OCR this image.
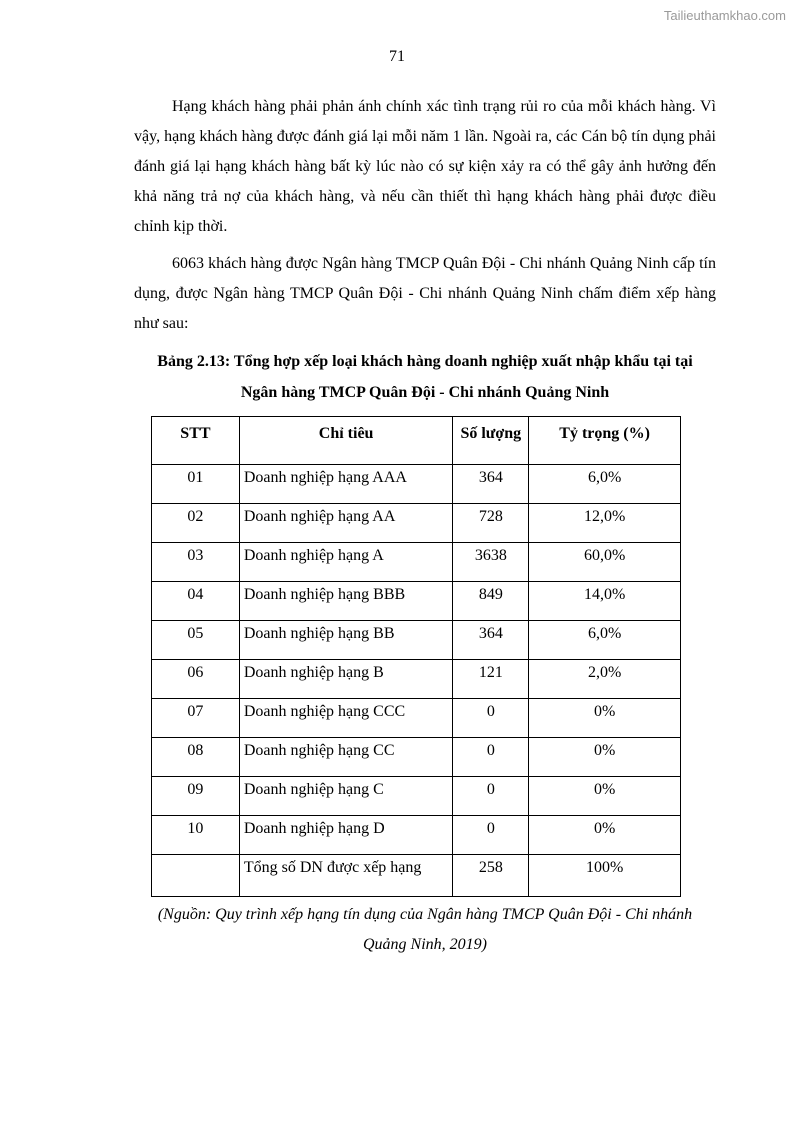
Tailieuthamkhao.com
71

Hạng khách hàng phải phản ánh chính xác tình trạng rủi ro của mỗi khách hàng. Vì vậy, hạng khách hàng được đánh giá lại mỗi năm 1 lần. Ngoài ra, các Cán bộ tín dụng phải đánh giá lại hạng khách hàng bất kỳ lúc nào có sự kiện xảy ra có thể gây ảnh hưởng đến khả năng trả nợ của khách hàng, và nếu cần thiết thì hạng khách hàng phải được điều chỉnh kịp thời.

6063 khách hàng được Ngân hàng TMCP Quân Đội - Chi nhánh Quảng Ninh cấp tín dụng, được Ngân hàng TMCP Quân Đội - Chi nhánh Quảng Ninh chấm điểm xếp hàng như sau:

Bảng 2.13: Tổng hợp xếp loại khách hàng doanh nghiệp xuất nhập khẩu tại tại
Ngân hàng TMCP Quân Đội - Chi nhánh Quảng Ninh
STT	Chỉ tiêu	Số lượng	Tỷ trọng (%)
01	Doanh nghiệp hạng AAA	364	6,0%
02	Doanh nghiệp hạng AA	728	12,0%
03	Doanh nghiệp hạng A	3638	60,0%
04	Doanh nghiệp hạng BBB	849	14,0%
05	Doanh nghiệp hạng BB	364	6,0%
06	Doanh nghiệp hạng B	121	2,0%
07	Doanh nghiệp hạng CCC	0	0%
08	Doanh nghiệp hạng CC	0	0%
09	Doanh nghiệp hạng C	0	0%
10	Doanh nghiệp hạng D	0	0%
	Tổng số DN được xếp hạng	258	100%
(Nguồn: Quy trình xếp hạng tín dụng của Ngân hàng TMCP Quân Đội - Chi nhánh
Quảng Ninh, 2019)
